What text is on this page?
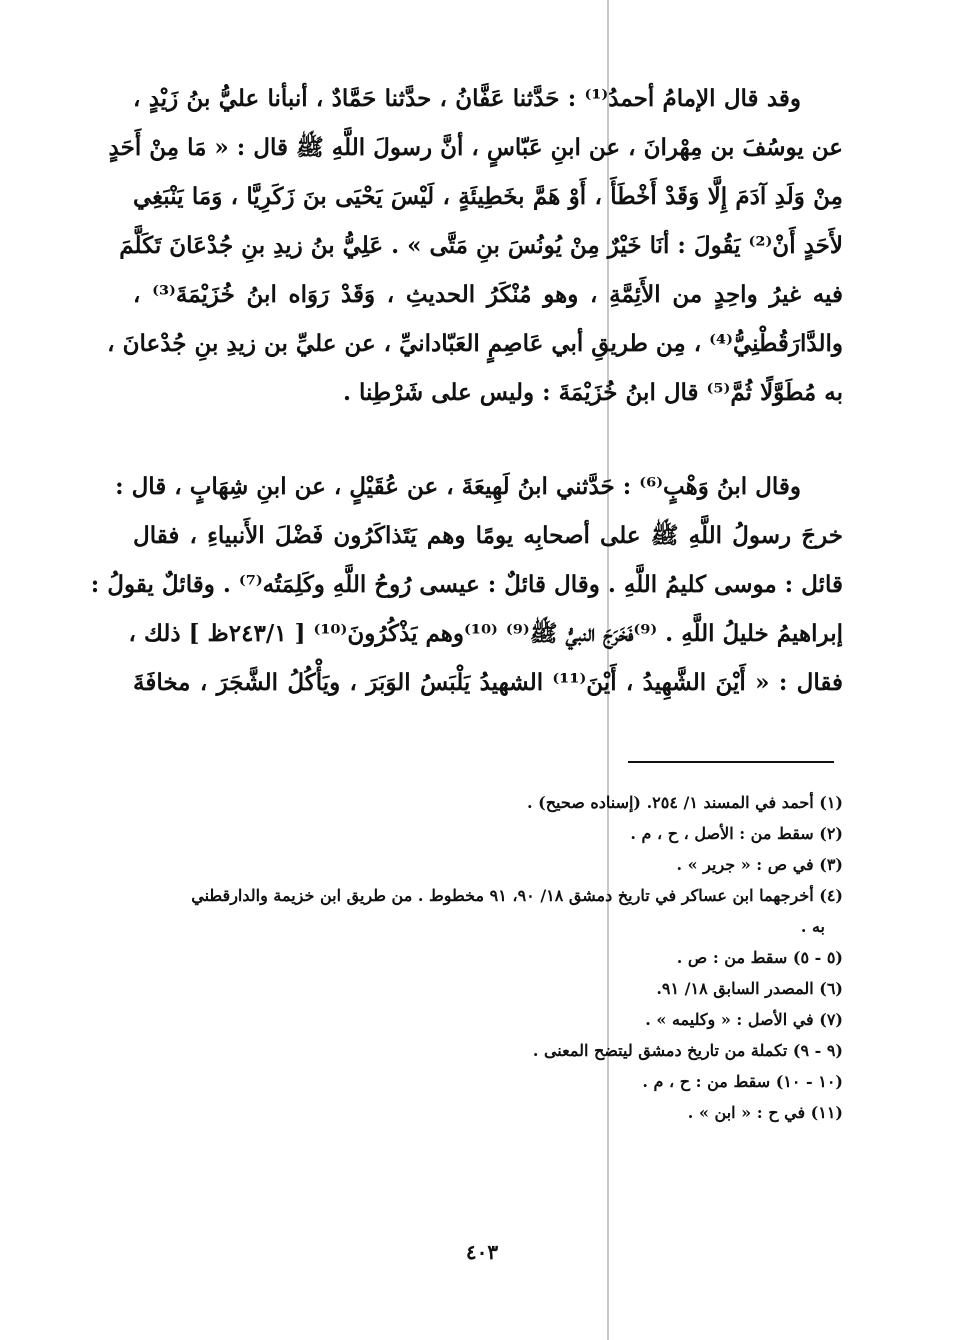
وقد قال الإمامُ أحمدُ⁽¹⁾ : حَدَّثنا عَفَّانُ ، حدَّثنا حَمَّادٌ ، أنبأنا عليُّ بنُ زَيْدٍ ،
عن يوسُفَ بن مِهْرانَ ، عن ابنِ عَبّاسٍ ، أنَّ رسولَ اللَّهِ ﷺ قال : « مَا مِنْ أَحَدٍ
مِنْ وَلَدِ آدَمَ إِلَّا وَقَدْ أَخْطَأَ ، أَوْ هَمَّ بخَطِيئَةٍ ، لَيْسَ يَحْيَى بنَ زَكَرِيَّا ، وَمَا يَنْبَغِي
لأَحَدٍ أَنْ⁽²⁾ يَقُولَ : أنَا خَيْرٌ مِنْ يُونُسَ بنِ مَتَّى » . عَلِيُّ بنُ زيدِ بنِ جُدْعَانَ تَكَلَّمَ
فيه غيرُ واحِدٍ من الأَئِمَّةِ ، وهو مُنْكَرُ الحديثِ ، وَقَدْ رَوَاه ابنُ خُزَيْمَةَ⁽³⁾ ،
والدَّارَقُطْنِيُّ⁽⁴⁾ ، مِن طريقِ أبي عَاصِمٍ العَبّادانيِّ ، عن عليِّ بن زيدِ بنِ جُدْعانَ ،
به مُطَوَّلًا ثُمَّ⁽⁵⁾ قال ابنُ خُزَيْمَةَ : وليس على شَرْطِنا .
وقال ابنُ وَهْبٍ⁽⁶⁾ : حَدَّثني ابنُ لَهِيعَةَ ، عن عُقَيْلٍ ، عن ابنِ شِهَابٍ ، قال :
خرجَ رسولُ اللَّهِ ﷺ على أصحابِه يومًا وهم يَتَذاكَرُون فَضْلَ الأَنبياءِ ، فقال
قائل : موسى كليمُ اللَّهِ . وقال قائلٌ : عيسى رُوحُ اللَّهِ وكَلِمَتُه⁽⁷⁾ . وقائلٌ يقولُ :
إبراهيمُ خليلُ اللَّهِ . ⁽⁹⁾فَخَرَجَ النبيُّ ﷺ⁽⁹⁾ ⁽¹⁰⁾وهم يَذْكُرُونَ⁽¹⁰⁾ [ ٢٤٣/١ظ ] ذلك ،
فقال : « أَيْنَ الشَّهِيدُ ، أَيْنَ⁽¹¹⁾ الشهيدُ يَلْبَسُ الوَبَرَ ، ويَأْكُلُ الشَّجَرَ ، مخافَةَ
(١) أحمد في المسند ١/ ٢٥٤. (إسناده صحيح) .
(٢) سقط من : الأصل ، ح ، م .
(٣) في ص : « جرير » .
(٤) أخرجهما ابن عساكر في تاريخ دمشق ١٨/ ٩٠، ٩١ مخطوط . من طريق ابن خزيمة والدارقطني
به .
(٥ - ٥) سقط من : ص .
(٦) المصدر السابق ١٨/ ٩١.
(٧) في الأصل : « وكليمه » .
(٩ - ٩) تكملة من تاريخ دمشق ليتضح المعنى .
(١٠ - ١٠) سقط من : ح ، م .
(١١) في ح : « ابن » .
٤٠٣
